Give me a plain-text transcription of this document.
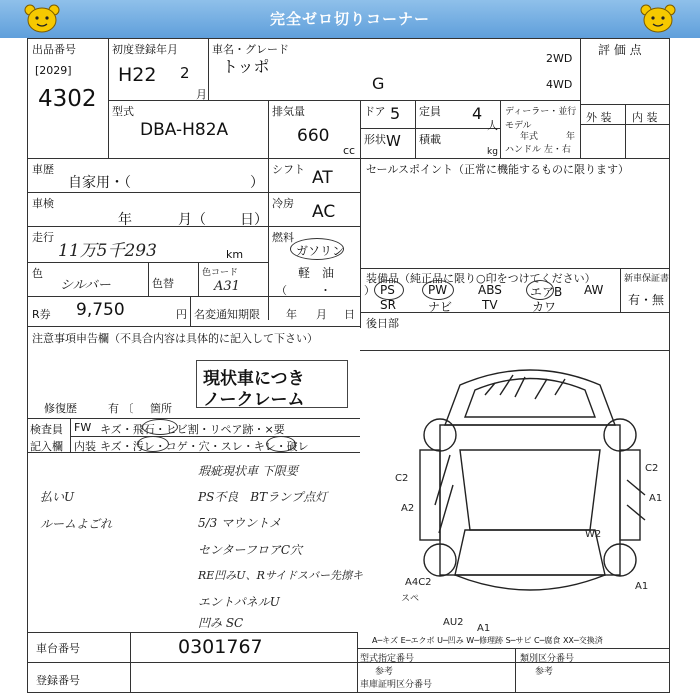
完全ゼロ切りコーナー
出品番号
[2029]
4302
初度登録年月
H22 2
月
車名・グレード
トッポ
G
2WD
4WD
評 価 点
外 装 内 装
型式
DBA-H82A
排気量
660
cc
ドア 5
形状 W
定員 4
人
積載
kg
ディーラー・並行
モデル
年式	年
ハンドル 左・右
車歴
自家用・（	）
シフト AT
車検
年	月（ 日）
冷房 AC
走行
11万5千293	km
燃料
ガソリン
軽　油
（　　　・　　　）
色
シルバー	色替
色コード
A31
セールスポイント（正常に機能するものに限ります）
装備品（純正品に限り○印をつけてください）
PS	PW	ABS エアB AW
SR	ナビ TV	カワ
新車保証書
有・無
R券 9,750	円 名変通知期限 年 月 日
後日部
注意事項申告欄（不具合内容は具体的に記入して下さい）
現状車につき
ノークレーム
修復歴	有 〔 箇所
検査員
記入欄
FW キズ・飛石・ヒビ割・リペア跡・×要
内装 キズ・汚レ・コゲ・穴・スレ・キレ・破レ
瑕疵現状車 下限要
PS不良　BTランプ点灯
5/3 マウントメ
センターフロアC穴
RE凹みU、Rサイドスバー先擦キ
エントパネルU
凹み SC
払いU
ルームよごれ
C2
A2
C2
A1
W2
A4C2
スペ
AU2
A1
A1
A─キズ E─エクボ U─凹み W─修理跡 S─サビ C─腐食 XX─交換済
車台番号	0301767
登録番号
型式指定番号
参考
類別区分番号
参考
車庫証明区分番号
